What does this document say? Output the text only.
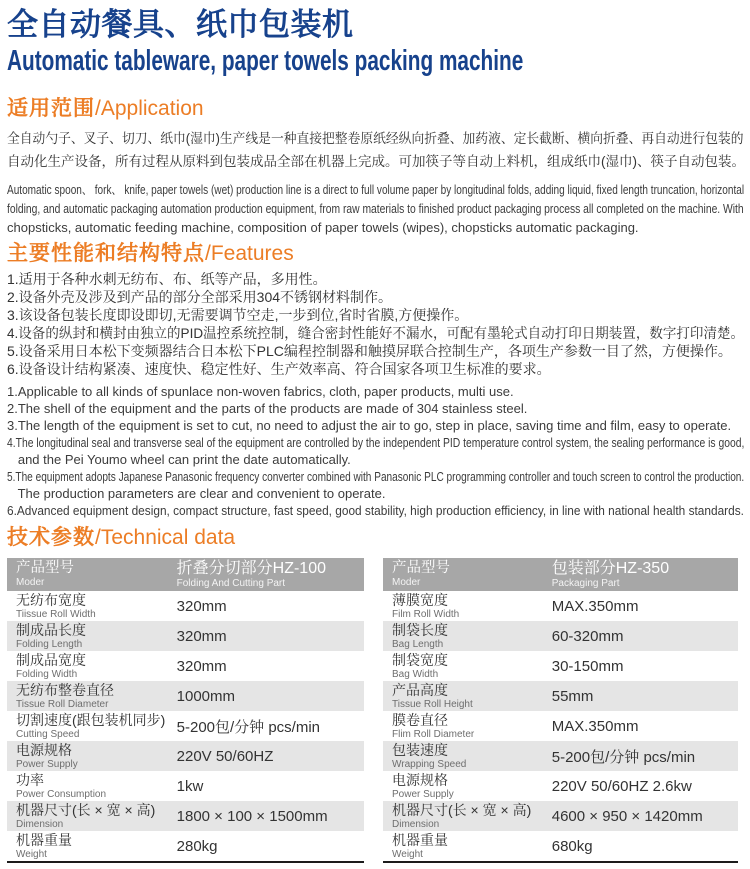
全自动餐具、纸巾包装机
Automatic tableware, paper towels packing machine
适用范围/Application
全自动勺子、叉子、切刀、纸巾(湿巾)生产线是一种直接把整卷原纸经纵向折叠、加药液、定长截断、横向折叠、再自动进行包装的
自动化生产设备，所有过程从原料到包装成品全部在机器上完成。可加筷子等自动上料机，组成纸巾(湿巾)、筷子自动包装。
Automatic spoon、 fork、 knife, paper towels (wet) production line is a direct to full volume paper by longitudinal folds, adding liquid, fixed length truncation, horizontal
folding, and automatic packaging automation production equipment, from raw materials to finished product packaging process all completed on the machine. With
chopsticks, automatic feeding machine, composition of paper towels (wipes), chopsticks automatic packaging.
主要性能和结构特点/Features
1.适用于各种水刺无纺布、布、纸等产品，多用性。
2.设备外壳及涉及到产品的部分全部采用304不锈钢材料制作。
3.该设备包装长度即设即切,无需要调节空走,一步到位,省时省膜,方便操作。
4.设备的纵封和横封由独立的PID温控系统控制，缝合密封性能好不漏水，可配有墨轮式自动打印日期装置，数字打印清楚。
5.设备采用日本松下变频器结合日本松下PLC编程控制器和触摸屏联合控制生产，各项生产参数一目了然，方便操作。
6.设备设计结构紧凑、速度快、稳定性好、生产效率高、符合国家各项卫生标准的要求。
1.Applicable to all kinds of spunlace non-woven fabrics, cloth, paper products, multi use.
2.The shell of the equipment and the parts of the products are made of 304 stainless steel.
3.The length of the equipment is set to cut, no need to adjust the air to go, step in place, saving time and film, easy to operate.
4.The longitudinal seal and transverse seal of the equipment are controlled by the independent PID temperature control system, the sealing performance is good,
and the Pei Youmo wheel can print the date automatically.
5.The equipment adopts Japanese Panasonic frequency converter combined with Panasonic PLC programming controller and touch screen to control the production.
The production parameters are clear and convenient to operate.
6.Advanced equipment design, compact structure, fast speed, good stability, high production efficiency, in line with national health standards.
技术参数/Technical data
产品型号
Moder
折叠分切部分HZ-100
Folding And Cutting Part
无纺布宽度
Tiissue Roll Width	320mm
制成品长度
Folding Length	320mm
制成品宽度
Folding Width	320mm
无纺布整卷直径
Tissue Roll Diameter	1000mm
切割速度(跟包装机同步)
Cutting Speed	5-200包/分钟 pcs/min
电源规格
Power Supply	220V 50/60HZ
功率
Power Consumption	1kw
机器尺寸(长 × 宽 × 高)
Dimension	1800 × 100 × 1500mm
机器重量
Weight	280kg
产品型号
Moder
包装部分HZ-350
Packaging Part
薄膜宽度
Film Roll Width	MAX.350mm
制袋长度
Bag Length	60-320mm
制袋宽度
Bag Width	30-150mm
产品高度
Tissue Roll Height	55mm
膜卷直径
Flim Roll Diameter	MAX.350mm
包装速度
Wrapping Speed	5-200包/分钟 pcs/min
电源规格
Power Supply	220V 50/60HZ 2.6kw
机器尺寸(长 × 宽 × 高)
Dimension	4600 × 950 × 1420mm
机器重量
Weight	680kg
